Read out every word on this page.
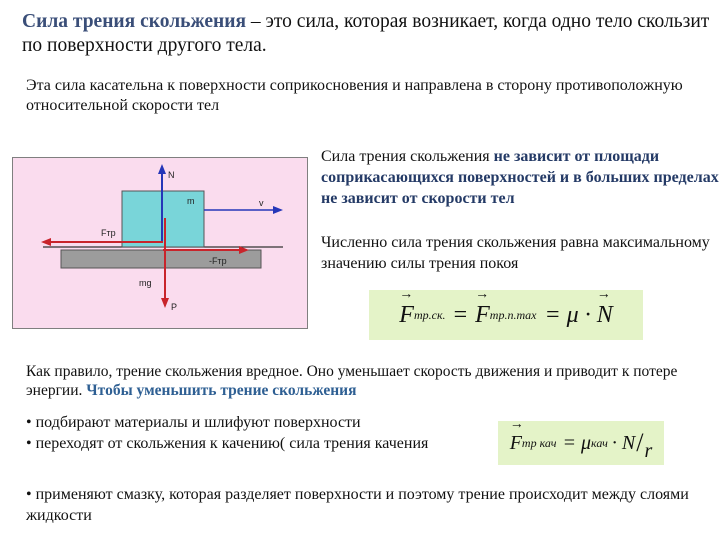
Сила трения скольжения – это сила, которая возникает, когда одно тело скользит по поверхности другого тела.
Эта сила касательна к поверхности соприкосновения и направлена в сторону противоположную относительной скорости тел
N
m	v
Fтр
-Fтр
mg
P
Сила трения скольжения не зависит от площади соприкасающихся поверхностей и в больших пределах не зависит от скорости тел
Численно сила трения скольжения равна максимальному значению силы трения покоя
→ F тр.ск. = → F тр.п.max = μ · → N
Как правило, трение скольжения вредное. Оно уменьшает скорость движения и приводит к потере энергии. Чтобы уменьшить трение скольжения
• подбирают материалы и шлифуют поверхности
• переходят от скольжения к качению( сила трения качения	→ F тр кач = μ кач · N / r
• применяют смазку, которая разделяет поверхности и поэтому трение происходит между слоями жидкости
